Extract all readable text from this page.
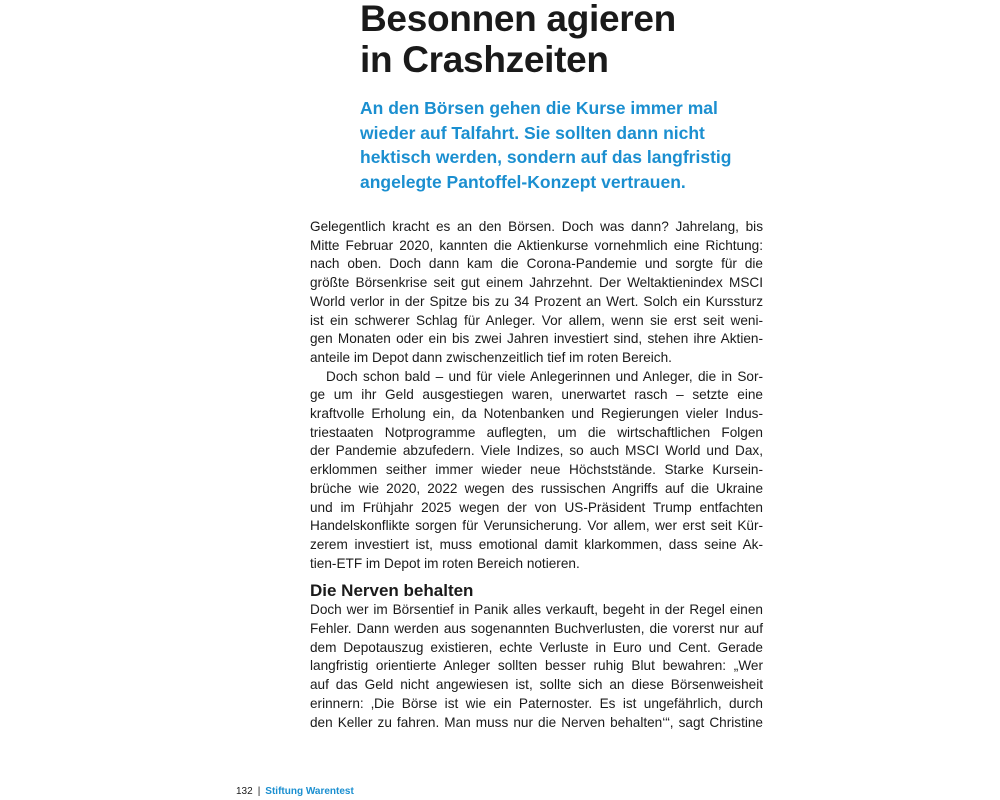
Besonnen agieren
in Crashzeiten

An den Börsen gehen die Kurse immer mal
wieder auf Talfahrt. Sie sollten dann nicht
hektisch werden, sondern auf das langfristig
angelegte Pantoffel-Konzept vertrauen.

Gelegentlich kracht es an den Börsen. Doch was dann? Jahrelang, bis
Mitte Februar 2020, kannten die Aktienkurse vornehmlich eine Richtung:
nach oben. Doch dann kam die Corona-Pandemie und sorgte für die
größte Börsenkrise seit gut einem Jahrzehnt. Der Weltaktienindex MSCI
World verlor in der Spitze bis zu 34 Prozent an Wert. Solch ein Kurssturz
ist ein schwerer Schlag für Anleger. Vor allem, wenn sie erst seit weni-
gen Monaten oder ein bis zwei Jahren investiert sind, stehen ihre Aktien-
anteile im Depot dann zwischenzeitlich tief im roten Bereich.
Doch schon bald – und für viele Anlegerinnen und Anleger, die in Sor-
ge um ihr Geld ausgestiegen waren, unerwartet rasch – setzte eine
kraftvolle Erholung ein, da Notenbanken und Regierungen vieler Indus-
triestaaten Notprogramme auflegten, um die wirtschaftlichen Folgen
der Pandemie abzufedern. Viele Indizes, so auch MSCI World und Dax,
erklommen seither immer wieder neue Höchststände. Starke Kursein-
brüche wie 2020, 2022 wegen des russischen Angriffs auf die Ukraine
und im Frühjahr 2025 wegen der von US-Präsident Trump entfachten
Handelskonflikte sorgen für Verunsicherung. Vor allem, wer erst seit Kür-
zerem investiert ist, muss emotional damit klarkommen, dass seine Ak-
tien-ETF im Depot im roten Bereich notieren.
Die Nerven behalten
Doch wer im Börsentief in Panik alles verkauft, begeht in der Regel einen
Fehler. Dann werden aus sogenannten Buchverlusten, die vorerst nur auf
dem Depotauszug existieren, echte Verluste in Euro und Cent. Gerade
langfristig orientierte Anleger sollten besser ruhig Blut bewahren: „Wer
auf das Geld nicht angewiesen ist, sollte sich an diese Börsenweisheit
erinnern: ‚Die Börse ist wie ein Paternoster. Es ist ungefährlich, durch
den Keller zu fahren. Man muss nur die Nerven behalten‘“, sagt Christine
132 | Stiftung Warentest
